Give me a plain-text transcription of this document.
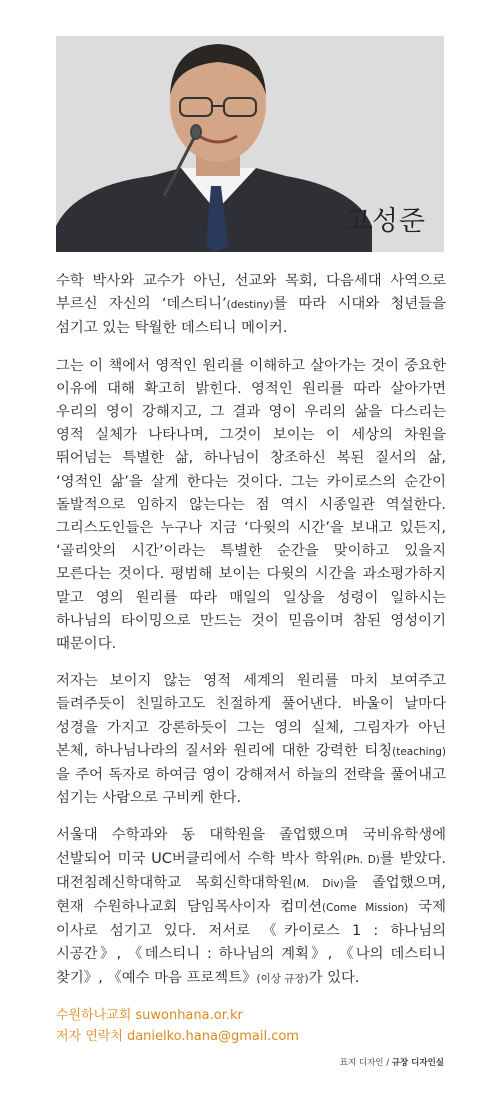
고성준

수학 박사와 교수가 아닌, 선교와 목회, 다음세대 사역으로 부르신 자신의 ‘데스티니’(destiny)를 따라 시대와 청년들을 섬기고 있는 탁월한 데스티니 메이커.

그는 이 책에서 영적인 원리를 이해하고 살아가는 것이 중요한 이유에 대해 확고히 밝힌다. 영적인 원리를 따라 살아가면 우리의 영이 강해지고, 그 결과 영이 우리의 삶을 다스리는 영적 실체가 나타나며, 그것이 보이는 이 세상의 차원을 뛰어넘는 특별한 삶, 하나님이 창조하신 복된 질서의 삶, ‘영적인 삶’을 살게 한다는 것이다. 그는 카이로스의 순간이 돌발적으로 임하지 않는다는 점 역시 시종일관 역설한다. 그리스도인들은 누구나 지금 ‘다윗의 시간’을 보내고 있든지, ‘골리앗의 시간’이라는 특별한 순간을 맞이하고 있을지 모른다는 것이다. 평범해 보이는 다윗의 시간을 과소평가하지 말고 영의 원리를 따라 매일의 일상을 성령이 일하시는 하나님의 타이밍으로 만드는 것이 믿음이며 참된 영성이기 때문이다.

저자는 보이지 않는 영적 세계의 원리를 마치 보여주고 들려주듯이 친밀하고도 친절하게 풀어낸다. 바울이 날마다 성경을 가지고 강론하듯이 그는 영의 실체, 그림자가 아닌 본체, 하나님나라의 질서와 원리에 대한 강력한 티칭(teaching)을 주어 독자로 하여금 영이 강해져서 하늘의 전략을 풀어내고 섬기는 사람으로 구비케 한다.

서울대 수학과와 동 대학원을 졸업했으며 국비유학생에 선발되어 미국 UC버클리에서 수학 박사 학위(Ph. D)를 받았다. 대전침례신학대학교 목회신학대학원(M. Div)을 졸업했으며, 현재 수원하나교회 담임목사이자 컴미션(Come Mission) 국제 이사로 섬기고 있다. 저서로 《카이로스 1 : 하나님의 시공간》, 《데스티니 : 하나님의 계획》, 《나의 데스티니 찾기》, 《예수 마음 프로젝트》(이상 규장)가 있다.

수원하나교회 suwonhana.or.kr
저자 연락처 danielko.hana@gmail.com
표지 디자인 / 규장 디자인실
